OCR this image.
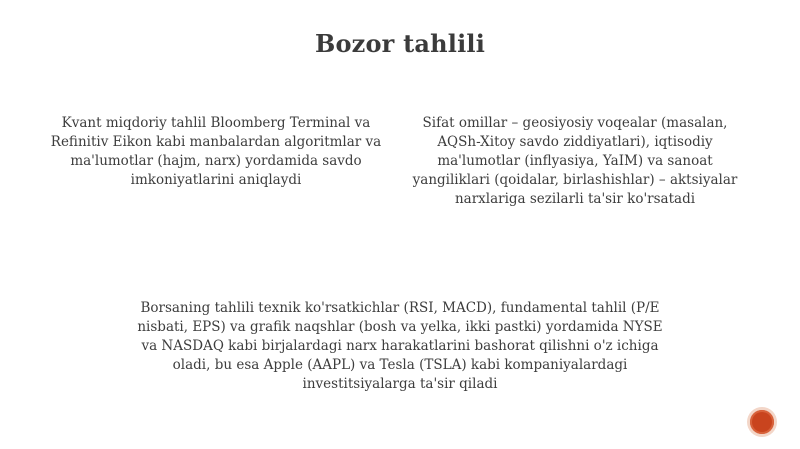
Bozor tahlili
Kvant miqdoriy tahlil Bloomberg Terminal va Refinitiv Eikon kabi manbalardan algoritmlar va ma'lumotlar (hajm, narx) yordamida savdo imkoniyatlarini aniqlaydi
Sifat omillar – geosiyosiy voqealar (masalan, AQSh-Xitoy savdo ziddiyatlari), iqtisodiy ma'lumotlar (inflyasiya, YaIM) va sanoat yangiliklari (qoidalar, birlashishlar) – aktsiyalar narxlariga sezilarli ta'sir ko'rsatadi
Borsaning tahlili texnik ko'rsatkichlar (RSI, MACD), fundamental tahlil (P/E nisbati, EPS) va grafik naqshlar (bosh va yelka, ikki pastki) yordamida NYSE va NASDAQ kabi birjalardagi narx harakatlarini bashorat qilishni o'z ichiga oladi, bu esa Apple (AAPL) va Tesla (TSLA) kabi kompaniyalardagi investitsiyalarga ta'sir qiladi
